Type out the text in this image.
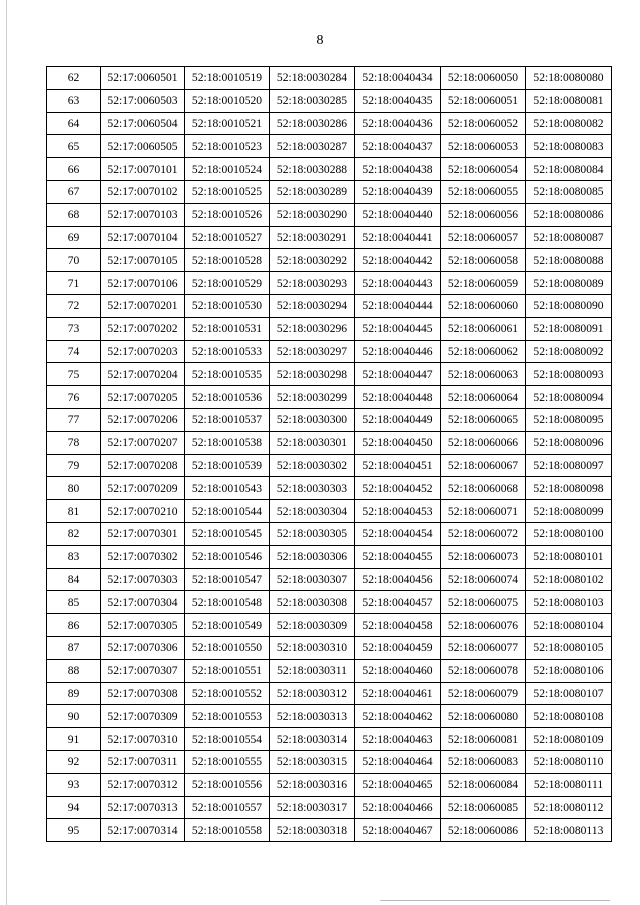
8
62	52:17:0060501	52:18:0010519	52:18:0030284	52:18:0040434	52:18:0060050	52:18:0080080
63	52:17:0060503	52:18:0010520	52:18:0030285	52:18:0040435	52:18:0060051	52:18:0080081
64	52:17:0060504	52:18:0010521	52:18:0030286	52:18:0040436	52:18:0060052	52:18:0080082
65	52:17:0060505	52:18:0010523	52:18:0030287	52:18:0040437	52:18:0060053	52:18:0080083
66	52:17:0070101	52:18:0010524	52:18:0030288	52:18:0040438	52:18:0060054	52:18:0080084
67	52:17:0070102	52:18:0010525	52:18:0030289	52:18:0040439	52:18:0060055	52:18:0080085
68	52:17:0070103	52:18:0010526	52:18:0030290	52:18:0040440	52:18:0060056	52:18:0080086
69	52:17:0070104	52:18:0010527	52:18:0030291	52:18:0040441	52:18:0060057	52:18:0080087
70	52:17:0070105	52:18:0010528	52:18:0030292	52:18:0040442	52:18:0060058	52:18:0080088
71	52:17:0070106	52:18:0010529	52:18:0030293	52:18:0040443	52:18:0060059	52:18:0080089
72	52:17:0070201	52:18:0010530	52:18:0030294	52:18:0040444	52:18:0060060	52:18:0080090
73	52:17:0070202	52:18:0010531	52:18:0030296	52:18:0040445	52:18:0060061	52:18:0080091
74	52:17:0070203	52:18:0010533	52:18:0030297	52:18:0040446	52:18:0060062	52:18:0080092
75	52:17:0070204	52:18:0010535	52:18:0030298	52:18:0040447	52:18:0060063	52:18:0080093
76	52:17:0070205	52:18:0010536	52:18:0030299	52:18:0040448	52:18:0060064	52:18:0080094
77	52:17:0070206	52:18:0010537	52:18:0030300	52:18:0040449	52:18:0060065	52:18:0080095
78	52:17:0070207	52:18:0010538	52:18:0030301	52:18:0040450	52:18:0060066	52:18:0080096
79	52:17:0070208	52:18:0010539	52:18:0030302	52:18:0040451	52:18:0060067	52:18:0080097
80	52:17:0070209	52:18:0010543	52:18:0030303	52:18:0040452	52:18:0060068	52:18:0080098
81	52:17:0070210	52:18:0010544	52:18:0030304	52:18:0040453	52:18:0060071	52:18:0080099
82	52:17:0070301	52:18:0010545	52:18:0030305	52:18:0040454	52:18:0060072	52:18:0080100
83	52:17:0070302	52:18:0010546	52:18:0030306	52:18:0040455	52:18:0060073	52:18:0080101
84	52:17:0070303	52:18:0010547	52:18:0030307	52:18:0040456	52:18:0060074	52:18:0080102
85	52:17:0070304	52:18:0010548	52:18:0030308	52:18:0040457	52:18:0060075	52:18:0080103
86	52:17:0070305	52:18:0010549	52:18:0030309	52:18:0040458	52:18:0060076	52:18:0080104
87	52:17:0070306	52:18:0010550	52:18:0030310	52:18:0040459	52:18:0060077	52:18:0080105
88	52:17:0070307	52:18:0010551	52:18:0030311	52:18:0040460	52:18:0060078	52:18:0080106
89	52:17:0070308	52:18:0010552	52:18:0030312	52:18:0040461	52:18:0060079	52:18:0080107
90	52:17:0070309	52:18:0010553	52:18:0030313	52:18:0040462	52:18:0060080	52:18:0080108
91	52:17:0070310	52:18:0010554	52:18:0030314	52:18:0040463	52:18:0060081	52:18:0080109
92	52:17:0070311	52:18:0010555	52:18:0030315	52:18:0040464	52:18:0060083	52:18:0080110
93	52:17:0070312	52:18:0010556	52:18:0030316	52:18:0040465	52:18:0060084	52:18:0080111
94	52:17:0070313	52:18:0010557	52:18:0030317	52:18:0040466	52:18:0060085	52:18:0080112
95	52:17:0070314	52:18:0010558	52:18:0030318	52:18:0040467	52:18:0060086	52:18:0080113
